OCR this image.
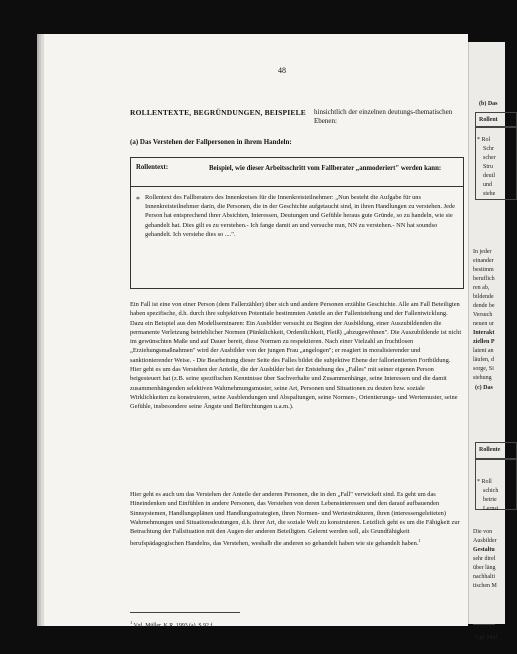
48
ROLLENTEXTE, BEGRÜNDUNGEN, BEISPIELE hinsichtlich der einzelnen deutungs-thematischen Ebenen:
(a) Das Verstehen der Fallpersonen in ihrem Handeln:
Rollentext:	Beispiel, wie dieser Arbeitsschritt vom Fallberater „anmoderiert" werden kann:
* Rollentext des Fallberaters des Innenkreises für die Innenkreisteilnehmer: „Nun besteht die Aufgabe für uns Innenkreisteilnehmer darin, die Personen, die in der Geschichte aufgetaucht sind, in ihren Handlungen zu verstehen. Jede Person hat entsprechend ihrer Absichten, Interessen, Deutungen und Gefühle heraus gute Gründe, so zu handeln, wie sie gehandelt hat. Dies gilt es zu verstehen.- Ich fange damit an und versuche nun, NN zu verstehen.- NN hat soundso gehandelt. Ich verstehe dies so ....".
Ein Fall ist eine von einer Person (dem Fallerzähler) über sich und andere Personen erzählte Geschichte. Alle am Fall Beteiligten haben spezifische, d.h. durch ihre subjektiven Potentiale bestimmten Anteile an der Fallentstehung und der Fallentwicklung. Dazu ein Beispiel aus den Modellseminaren: Ein Ausbilder versucht zu Beginn der Ausbildung, einer Auszubildenden die permanente Verletzung betrieblicher Normen (Pünktlichkeit, Ordentlichkeit, Fleiß) „abzugewöhnen". Die Auszubildende ist nicht im gewünschten Maße und auf Dauer bereit, diese Normen zu respektieren. Nach einer Vielzahl an fruchtlosen „Erziehungsmaßnahmen" wird der Ausbilder von der jungen Frau „angelogen"; er reagiert in moralisierender und sanktionierender Weise. - Die Bearbeitung dieser Seite des Falles bildet die subjektive Ebene der fallorientierten Fortbildung. Hier geht es um das Verstehen der Anteile, die der Ausbilder bei der Entstehung des „Falles" mit seiner eigenen Person beigesteuert hat (z.B. seine spezifischen Kenntnisse über Sachverhalte und Zusammenhänge, seine Interessen und die damit zusammenhängenden selektiven Wahrnehmungsmuster, seine Art, Personen und Situationen zu deuten bzw. soziale Wirklichkeiten zu konstruieren, seine Ausblendungen und Abspaltungen, seine Normen-, Orientierungs- und Wertemuster, seine Gefühle, insbesondere seine Ängste und Befürchtungen u.a.m.).
Hier geht es auch um das Verstehen der Anteile der anderen Personen, die in den „Fall" verwickelt sind. Es geht um das Hineindenken und Einfühlen in andere Personen, das Verstehen von deren Lebensinteressen und den darauf aufbauenden Sinnsystemen, Handlungsplänen und Handlungsstrategien, ihren Normen- und Wertestrukturen, ihren (interessengeleiteten) Wahrnehmungen und Situationsdeutungen, d.h. ihrer Art, die soziale Welt zu konstruieren. Letztlich geht es um die Fähigkeit zur Betrachtung der Fallsituation mit den Augen der anderen Beteiligten. Gelernt werden soll, als Grundfähigkeit berufspädagogischen Handelns, das Verstehen, weshalb die anderen so gehandelt haben wie sie gehandelt haben.$^1$
$^1$ Vgl. Müller, K.R. 1993 (a), S.92 f.
(b) Das
Rollent
* Rol
Schr
scher
Stru
deutl
und
stehe
In jeder
einander
bestimm
beruflich
ren ab,
bildende
dende be
Versuch
neuen ur
Interakt
ziellen P
latent an
läufen, d
sorge, Si
stehung
(c) Das
Rollente
* Roll
schich
betrie
Lernsi
Die von
Ausbilder
Gestaltu
sehr direl
über läng
nachhalti
tischen M
Vgl. Mül
